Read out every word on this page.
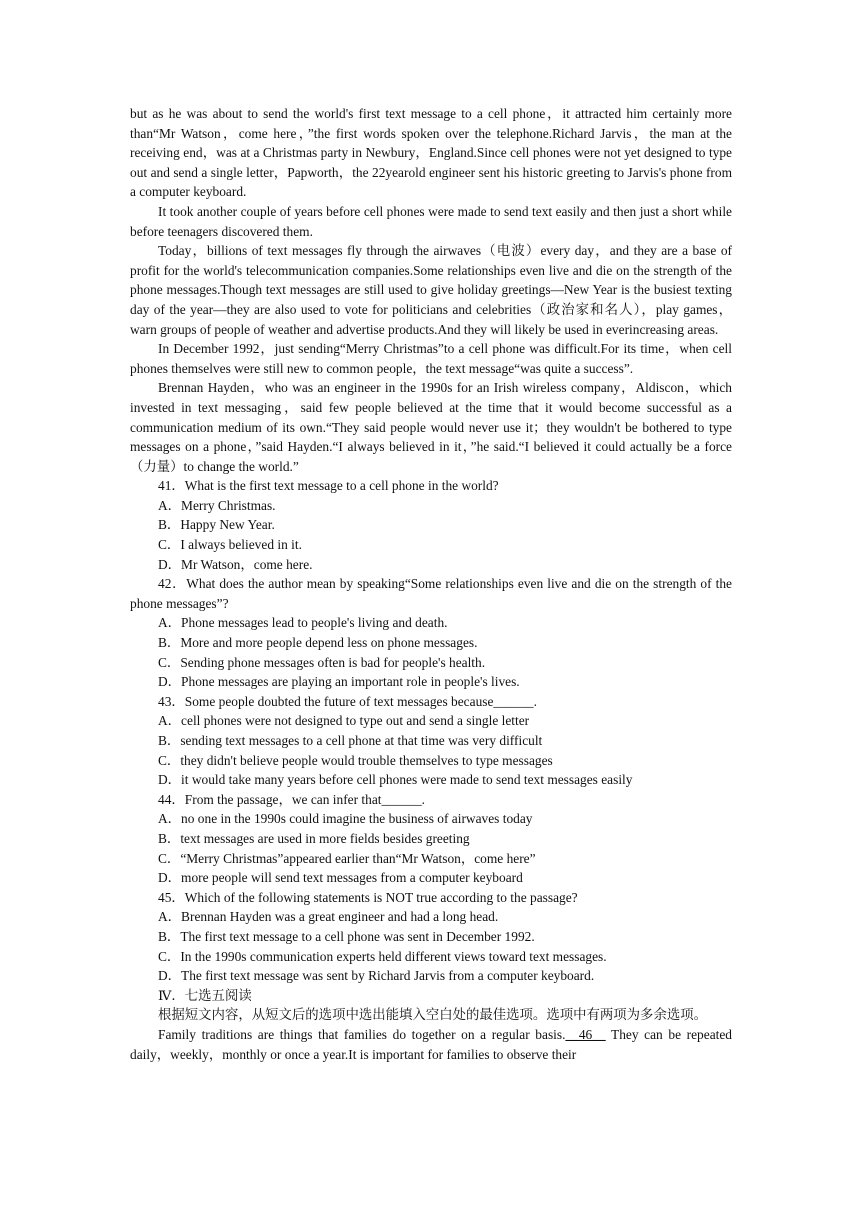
but as he was about to send the world's first text message to a cell phone，it attracted him certainly more than“Mr Watson，come here，”the first words spoken over the telephone.Richard Jarvis，the man at the receiving end，was at a Christmas party in Newbury，England.Since cell phones were not yet designed to type out and send a single letter，Papworth，the 22yearold engineer sent his historic greeting to Jarvis's phone from a computer keyboard.

It took another couple of years before cell phones were made to send text easily and then just a short while before teenagers discovered them.

Today，billions of text messages fly through the airwaves（电波）every day，and they are a base of profit for the world's telecommunication companies.Some relationships even live and die on the strength of the phone messages.Though text messages are still used to give holiday greetings—New Year is the busiest texting day of the year—they are also used to vote for politicians and celebrities（政治家和名人），play games，warn groups of people of weather and advertise products.And they will likely be used in everincreasing areas.

In December 1992，just sending“Merry Christmas”to a cell phone was difficult.For its time，when cell phones themselves were still new to common people，the text message“was quite a success”.

Brennan Hayden，who was an engineer in the 1990s for an Irish wireless company，Aldiscon，which invested in text messaging，said few people believed at the time that it would become successful as a communication medium of its own.“They said people would never use it；they wouldn't be bothered to type messages on a phone，”said Hayden.“I always believed in it，”he said.“I believed it could actually be a force（力量）to change the world.”

41．What is the first text message to a cell phone in the world?

A．Merry Christmas.

B．Happy New Year.

C．I always believed in it.

D．Mr Watson，come here.

42．What does the author mean by speaking“Some relationships even live and die on the strength of the phone messages”?

A．Phone messages lead to people's living and death.

B．More and more people depend less on phone messages.

C．Sending phone messages often is bad for people's health.

D．Phone messages are playing an important role in people's lives.

43．Some people doubted the future of text messages because______.

A．cell phones were not designed to type out and send a single letter

B．sending text messages to a cell phone at that time was very difficult

C．they didn't believe people would trouble themselves to type messages

D．it would take many years before cell phones were made to send text messages easily

44．From the passage，we can infer that______.

A．no one in the 1990s could imagine the business of airwaves today

B．text messages are used in more fields besides greeting

C．“Merry Christmas”appeared earlier than“Mr Watson，come here”

D．more people will send text messages from a computer keyboard

45．Which of the following statements is NOT true according to the passage?

A．Brennan Hayden was a great engineer and had a long head.

B．The first text message to a cell phone was sent in December 1992.

C．In the 1990s communication experts held different views toward text messages.

D．The first text message was sent by Richard Jarvis from a computer keyboard.

Ⅳ．七选五阅读

根据短文内容，从短文后的选项中选出能填入空白处的最佳选项。选项中有两项为多余选项。

Family traditions are things that families do together on a regular basis.__46__ They can be repeated daily，weekly，monthly or once a year.It is important for families to observe their
